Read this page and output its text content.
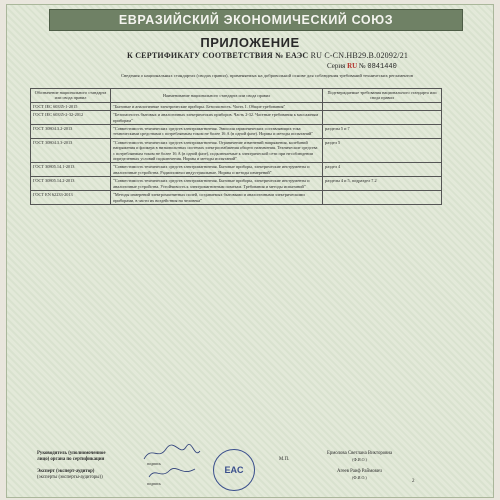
ЕВРАЗИЙСКИЙ ЭКОНОМИЧЕСКИЙ СОЮЗ
ПРИЛОЖЕНИЕ
К СЕРТИФИКАТУ СООТВЕТСТВИЯ № ЕАЭС RU C-CN.НВ29.В.02092/21
Серия RU № 0841440
Сведения о национальных стандартах (сводах правил), применяемых на добровольной основе для соблюдения требований технических регламентов
Обозначение национального стандарта или свода правил	Наименование национального стандарта или свода правил	Подтверждаемые требования национального стандарта или свода правил
ГОСТ IEC 60335-1-2015	"Бытовые и аналогичные электрические приборы. Безопасность. Часть 1. Общие требования"	
ГОСТ IEC 60335-2-32-2012	"Безопасность бытовых и аналогичных электрических приборов. Часть 2-32. Частные требования к массажным приборам"	
ГОСТ 30804.3.2-2013	"Совместимость технических средств электромагнитная. Эмиссия гармонических составляющих тока техническими средствами с потребляемым током не более 16 А (в одной фазе). Нормы и методы испытаний"	разделы 5 и 7
ГОСТ 30804.3.3-2013	"Совместимость технических средств электромагнитная. Ограничение изменений напряжения, колебаний напряжения и фликера в низковольтных системах электроснабжения общего назначения. Технические средства с потребляемым током не более 16 А (в одной фазе), подключаемые к электрической сети при несоблюдении определенных условий подключения. Нормы и методы испытаний"	раздел 5
ГОСТ 30805.14.1-2013	"Совместимость технических средств электромагнитная. Бытовые приборы, электрические инструменты и аналогичные устройства. Радиопомехи индустриальные. Нормы и методы измерений"	раздел 4
ГОСТ 30805.14.2-2013	"Совместимость технических средств электромагнитная. Бытовые приборы, электрические инструменты и аналогичные устройства. Устойчивость к электромагнитным помехам. Требования и методы испытаний"	разделы 4 и 5, подраздел 7.2
ГОСТ EN 62233-2013	"Методы измерений электромагнитных полей, создаваемых бытовыми и аналогичными электрическими приборами, в части их воздействия на человека"	
Руководитель (уполномоченное
лицо) органа по сертификации
подпись
EAC
М.П.
Ермолова Светлана Викторовна
(Ф.И.О.)
Эксперт (эксперт-аудитор)
(эксперты (эксперты-аудиторы))
подпись
Агеев Раиф Раймович
(Ф.И.О.)
2
